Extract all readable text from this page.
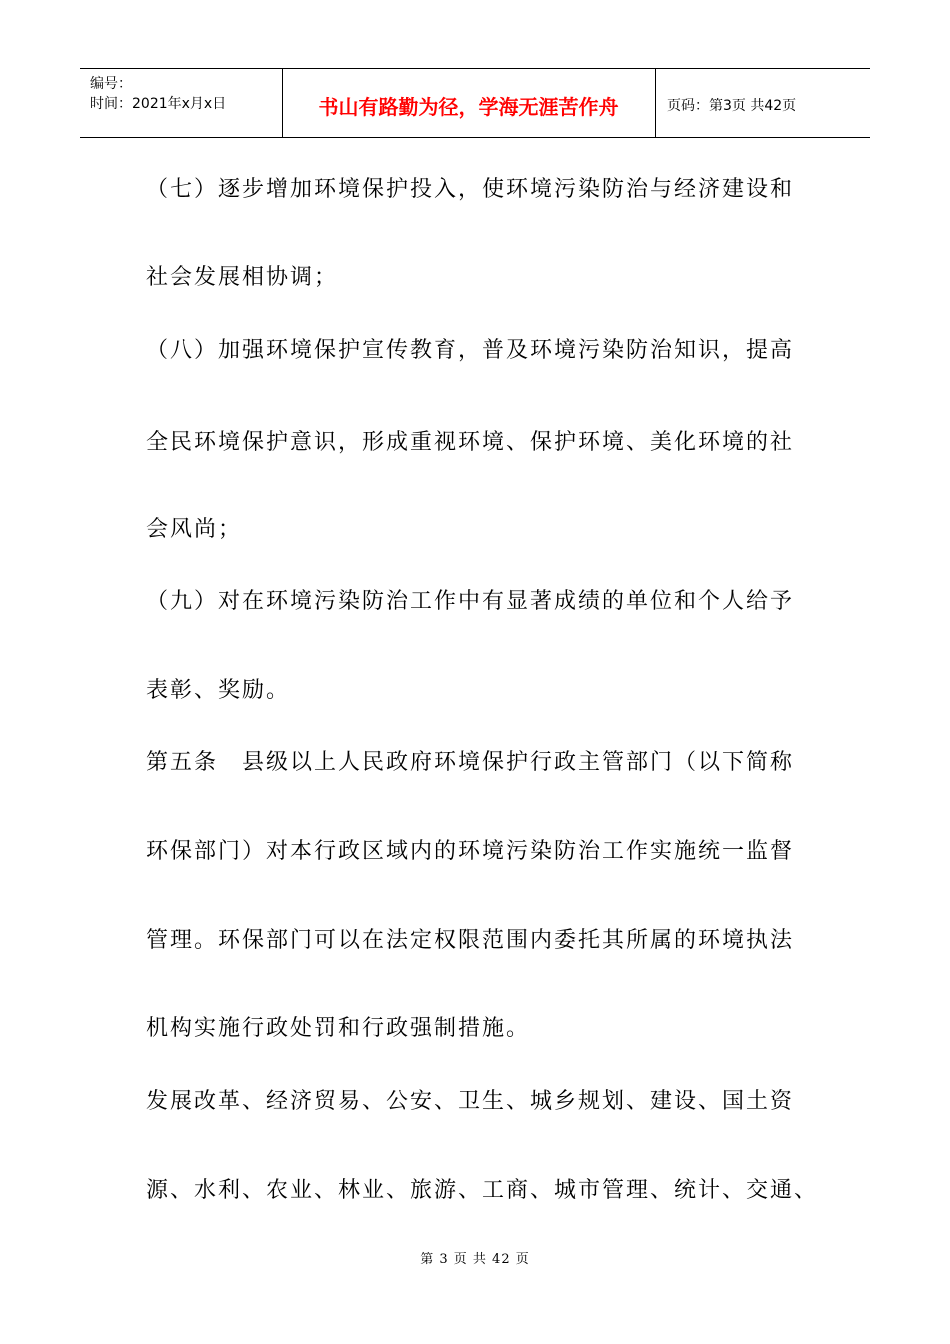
编号：
时间：2021年x月x日	书山有路勤为径，学海无涯苦作舟	页码：第3页 共42页
（七）逐步增加环境保护投入，使环境污染防治与经济建设和
社会发展相协调；
（八）加强环境保护宣传教育，普及环境污染防治知识，提高
全民环境保护意识，形成重视环境、保护环境、美化环境的社
会风尚；
（九）对在环境污染防治工作中有显著成绩的单位和个人给予
表彰、奖励。
第五条　县级以上人民政府环境保护行政主管部门（以下简称
环保部门）对本行政区域内的环境污染防治工作实施统一监督
管理。环保部门可以在法定权限范围内委托其所属的环境执法
机构实施行政处罚和行政强制措施。
发展改革、经济贸易、公安、卫生、城乡规划、建设、国土资
源、水利、农业、林业、旅游、工商、城市管理、统计、交通、
第 3 页 共 42 页
